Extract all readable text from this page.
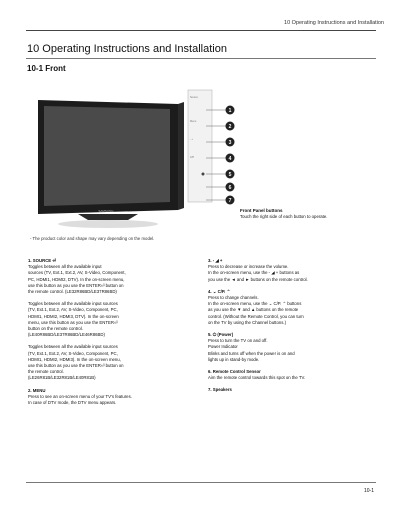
10 Operating Instructions and Installation
10 Operating Instructions and Installation
10-1 Front
SAMSUNG
Source
Menu
- +
C/P
1
2
3
4
5
6
7
Front Panel buttons
Touch the right side of each button to operate.
- The product color and shape may vary depending on the model.
1. SOURCE ⏎

Toggles between all the available input
sources (TV, Ext.1, Ext.2, AV, S-Video, Component,
PC, HDMI1, HDMI2, DTV). In the on-screen menu,
use this button as you use the ENTER⏎ button on
the remote control. (LE32R86BD/LE37R86BD)

Toggles between all the available input sources
(TV, Ext.1, Ext.2, AV, S-Video, Component, PC,
HDMI1, HDMI2, HDMI3, DTV). In the on-screen
menu, use this button as you use the ENTER⏎
button on the remote control.
(LE40R86BD/LE37R86BD/LE46R86BD)

Toggles between all the available input sources
(TV, Ext.1, Ext.2, AV, S-Video, Component, PC,
HDMI1, HDMI2, HDMI3). In the on-screen menu,
use this button as you use the ENTER⏎ button on
the remote control.
(LE26R81B/LE32R81B/LE40R81B)

2. MENU

Press to see an on-screen menu of your TV's features.
In case of DTV mode, the DTV menu appears.

3. - ◢ +

Press to decrease or increase the volume.
In the on-screen menu, use the - ◢ + buttons as
you use the ◄ and ► buttons on the remote control.

4. ⌄ C/P. ⌃

Press to change channels.
In the on-screen menu, use the ⌄ C/P. ⌃ buttons
as you use the ▼ and ▲ buttons on the remote
control. (Without the Remote Control, you can turn
on the TV by using the Channel buttons.)

5. ⏻ (Power)

Press to turn the TV on and off.
Power Indicator
Blinks and turns off when the power is on and
lights up in stand-by mode.

6. Remote Control Sensor

Aim the remote control towards this spot on the TV.

7. Speakers
10-1
